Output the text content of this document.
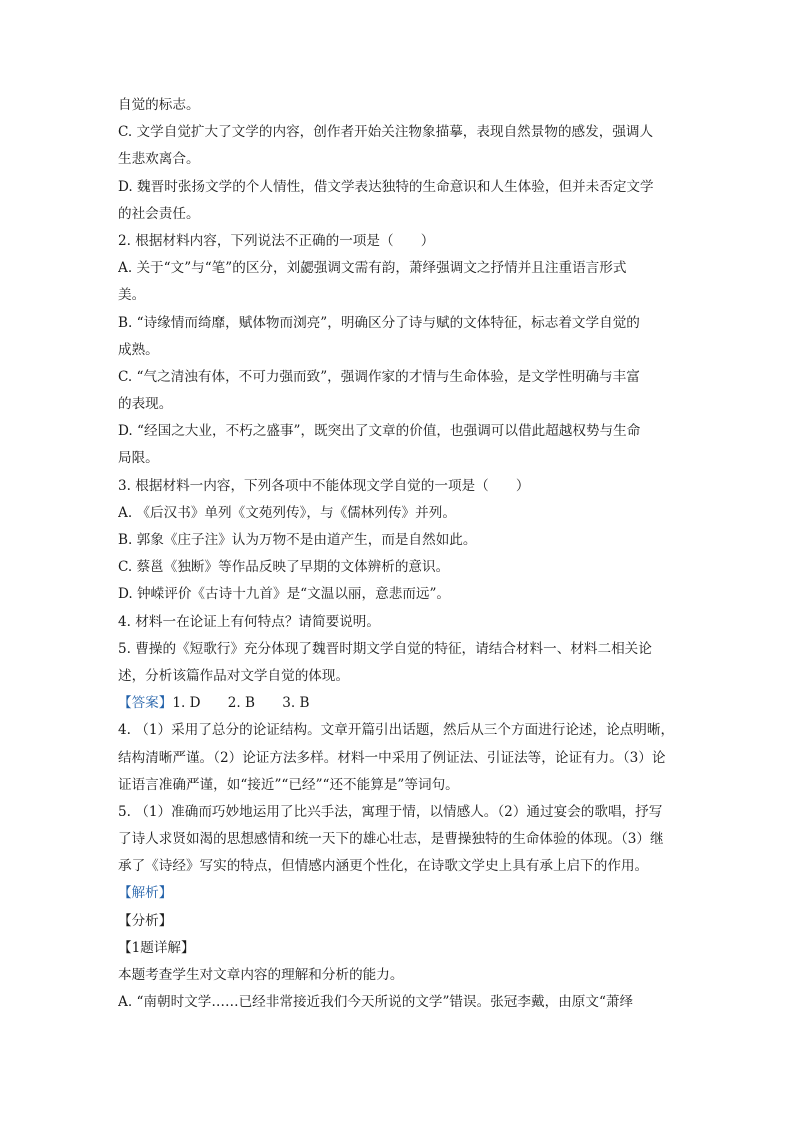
自觉的标志。
C. 文学自觉扩大了文学的内容，创作者开始关注物象描摹，表现自然景物的感发，强调人
生悲欢离合。
D. 魏晋时张扬文学的个人情性，借文学表达独特的生命意识和人生体验，但并未否定文学
的社会责任。
2. 根据材料内容，下列说法不正确的一项是（　　）
A. 关于“文”与“笔”的区分，刘勰强调文需有韵，萧绎强调文之抒情并且注重语言形式
美。
B. “诗缘情而绮靡，赋体物而浏亮”，明确区分了诗与赋的文体特征，标志着文学自觉的
成熟。
C. “气之清浊有体，不可力强而致”，强调作家的才情与生命体验，是文学性明确与丰富
的表现。
D. “经国之大业，不朽之盛事”，既突出了文章的价值，也强调可以借此超越权势与生命
局限。
3. 根据材料一内容，下列各项中不能体现文学自觉的一项是（　　）
A. 《后汉书》单列《文苑列传》，与《儒林列传》并列。
B. 郭象《庄子注》认为万物不是由道产生，而是自然如此。
C. 蔡邕《独断》等作品反映了早期的文体辨析的意识。
D. 钟嵘评价《古诗十九首》是“文温以丽，意悲而远”。
4. 材料一在论证上有何特点？请简要说明。
5. 曹操的《短歌行》充分体现了魏晋时期文学自觉的特征，请结合材料一、材料二相关论
述，分析该篇作品对文学自觉的体现。
【答案】1. D　　2. B　　3. B
4. （1）采用了总分的论证结构。文章开篇引出话题，然后从三个方面进行论述，论点明晰，
结构清晰严谨。（2）论证方法多样。材料一中采用了例证法、引证法等，论证有力。（3）论
证语言准确严谨，如“接近”“已经”“还不能算是”等词句。
5. （1）准确而巧妙地运用了比兴手法，寓理于情，以情感人。（2）通过宴会的歌唱，抒写
了诗人求贤如渴的思想感情和统一天下的雄心壮志，是曹操独特的生命体验的体现。（3）继
承了《诗经》写实的特点，但情感内涵更个性化，在诗歌文学史上具有承上启下的作用。
【解析】
【分析】
【1题详解】
本题考查学生对文章内容的理解和分析的能力。
A. “南朝时文学……已经非常接近我们今天所说的文学”错误。张冠李戴，由原文“萧绎
